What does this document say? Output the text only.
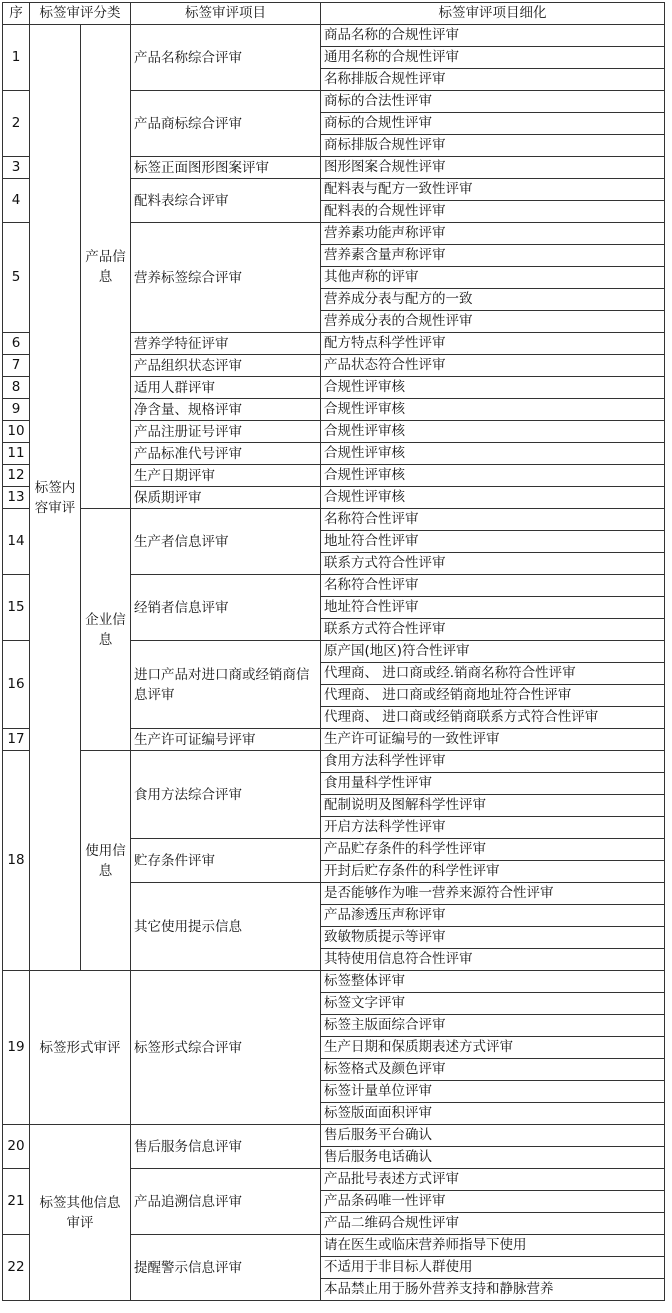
序	标签审评分类		标签审评项目	标签审评项目细化
1	标签内容审评	产品信息	产品名称综合评审	商品名称的合规性评审
				通用名称的合规性评审
				名称排版合规性评审
2			产品商标综合评审	商标的合法性评审
				商标的合规性评审
				商标排版合规性评审
3			标签正面图形图案评审	图形图案合规性评审
4			配料表综合评审	配料表与配方一致性评审
				配料表的合规性评审
5			营养标签综合评审	营养素功能声称评审
				营养素含量声称评审
				其他声称的评审
				营养成分表与配方的一致
				营养成分表的合规性评审
6			营养学特征评审	配方特点科学性评审
7			产品组织状态评审	产品状态符合性评审
8			适用人群评审	合规性评审核
9			净含量、规格评审	合规性评审核
10			产品注册证号评审	合规性评审核
11			产品标准代号评审	合规性评审核
12			生产日期评审	合规性评审核
13			保质期评审	合规性评审核
14		企业信息	生产者信息评审	名称符合性评审
				地址符合性评审
				联系方式符合性评审
15			经销者信息评审	名称符合性评审
				地址符合性评审
				联系方式符合性评审
16			进口产品对进口商或经销商信息评审	原产国(地区)符合性评审
				代理商、 进口商或经.销商名称符合性评审
				代理商、 进口商或经销商地址符合性评审
				代理商、 进口商或经销商联系方式符合性评审
17			生产许可证编号评审	生产许可证编号的一致性评审
18		使用信息	食用方法综合评审	食用方法科学性评审
				食用量科学性评审
				配制说明及图解科学性评审
				开启方法科学性评审
			贮存条件评审	产品贮存条件的科学性评审
				开封后贮存条件的科学性评审
			其它使用提示信息	是否能够作为唯一营养来源符合性评审
				产品渗透压声称评审
				致敏物质提示等评审
				其特使用信息符合性评审
19	标签形式审评		标签形式综合评审	标签整体评审
				标签文字评审
				标签主版面综合评审
				生产日期和保质期表述方式评审
				标签格式及颜色评审
				标签计量单位评审
				标签版面面积评审
20	标签其他信息审评		售后服务信息评审	售后服务平台确认
				售后服务电话确认
21			产品追溯信息评审	产品批号表述方式评审
				产品条码唯一性评审
				产品二维码合规性评审
22			提醒警示信息评审	请在医生或临床营养师指导下使用
				不适用于非目标人群使用
				本品禁止用于肠外营养支持和静脉营养
